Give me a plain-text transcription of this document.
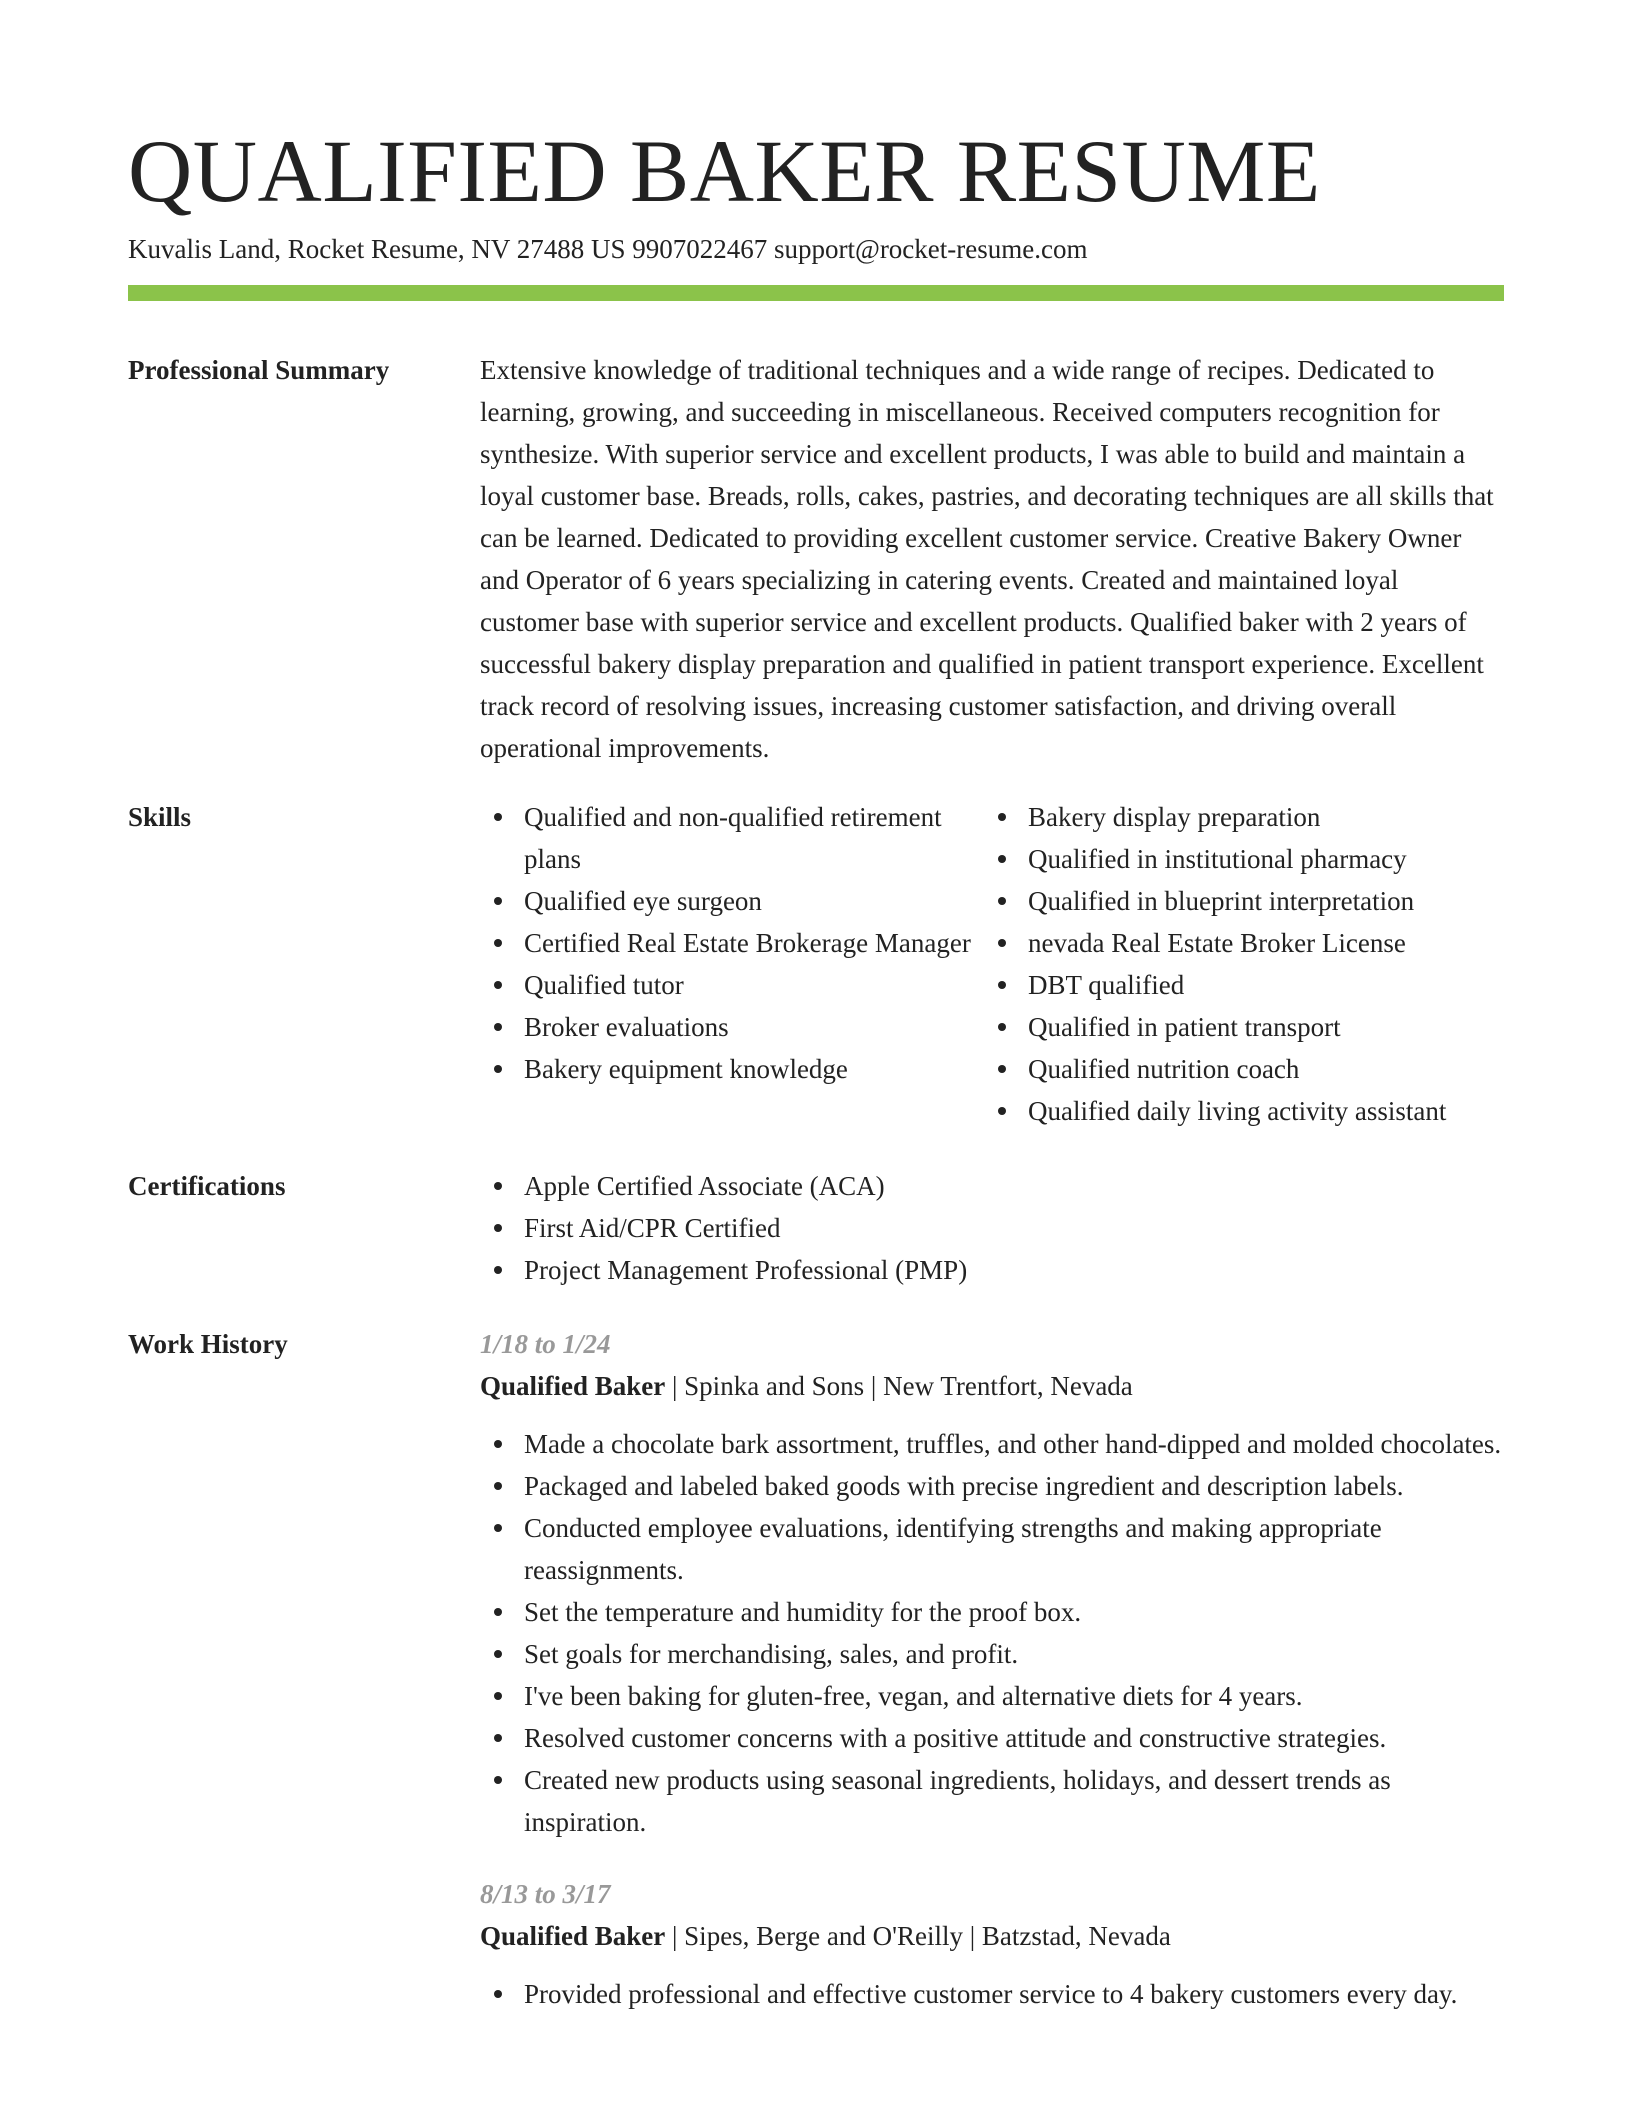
QUALIFIED BAKER RESUME
Kuvalis Land, Rocket Resume, NV 27488 US 9907022467 support@rocket-resume.com
Professional Summary	Extensive knowledge of traditional techniques and a wide range of recipes. Dedicated to learning, growing, and succeeding in miscellaneous. Received computers recognition for synthesize. With superior service and excellent products, I was able to build and maintain a loyal customer base. Breads, rolls, cakes, pastries, and decorating techniques are all skills that can be learned. Dedicated to providing excellent customer service. Creative Bakery Owner and Operator of 6 years specializing in catering events. Created and maintained loyal customer base with superior service and excellent products. Qualified baker with 2 years of successful bakery display preparation and qualified in patient transport experience. Excellent track record of resolving issues, increasing customer satisfaction, and driving overall operational improvements.

Skills	Qualified and non-qualified retirement plans
Qualified eye surgeon
Certified Real Estate Brokerage Manager
Qualified tutor
Broker evaluations
Bakery equipment knowledge
Bakery display preparation
Qualified in institutional pharmacy
Qualified in blueprint interpretation
nevada Real Estate Broker License
DBT qualified
Qualified in patient transport
Qualified nutrition coach
Qualified daily living activity assistant
Certifications	Apple Certified Associate (ACA)
First Aid/CPR Certified
Project Management Professional (PMP)
Work History	1/18 to 1/24
Qualified Baker | Spinka and Sons | New Trentfort, Nevada
Made a chocolate bark assortment, truffles, and other hand-dipped and molded chocolates.
Packaged and labeled baked goods with precise ingredient and description labels.
Conducted employee evaluations, identifying strengths and making appropriate reassignments.
Set the temperature and humidity for the proof box.
Set goals for merchandising, sales, and profit.
I've been baking for gluten-free, vegan, and alternative diets for 4 years.
Resolved customer concerns with a positive attitude and constructive strategies.
Created new products using seasonal ingredients, holidays, and dessert trends as inspiration.
8/13 to 3/17
Qualified Baker | Sipes, Berge and O'Reilly | Batzstad, Nevada
Provided professional and effective customer service to 4 bakery customers every day.
